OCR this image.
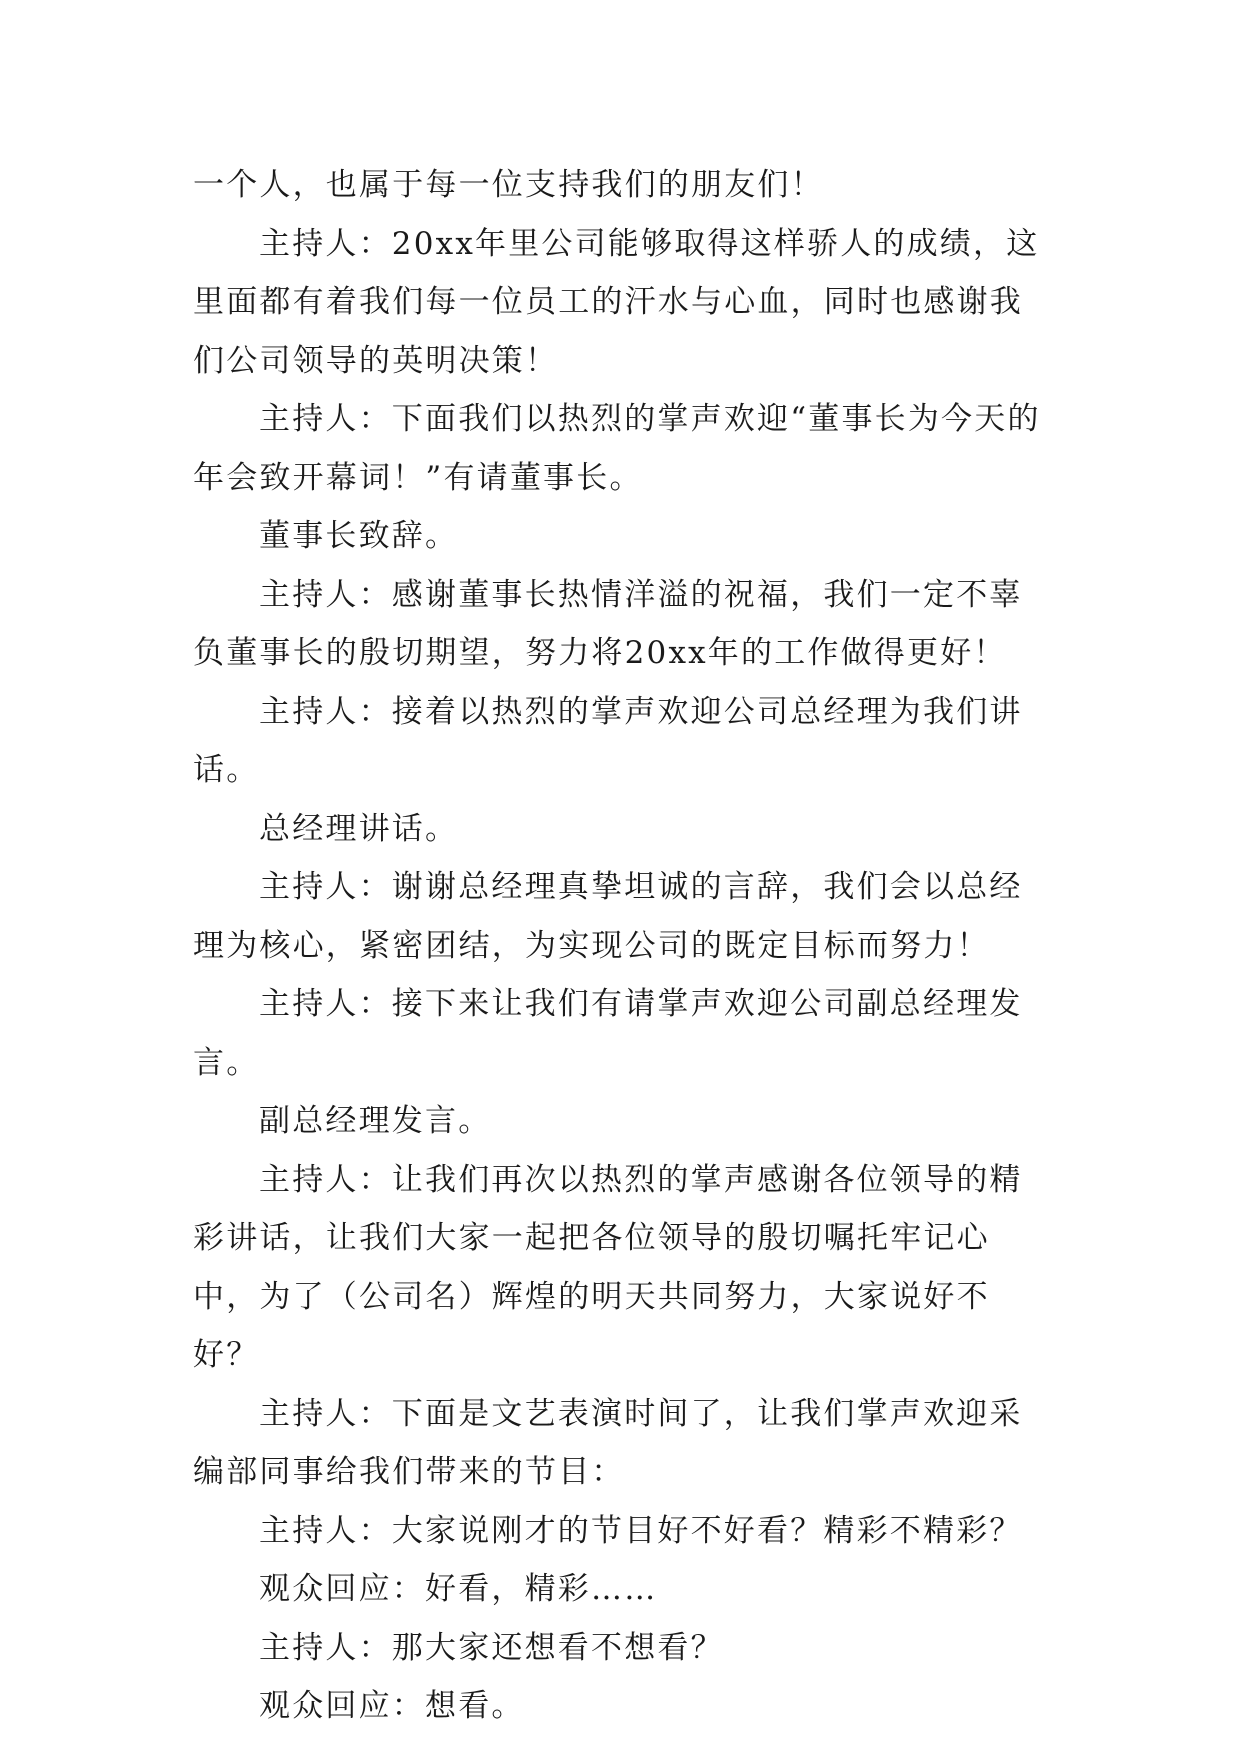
一个人，也属于每一位支持我们的朋友们！

主持人：20xx年里公司能够取得这样骄人的成绩，这里面都有着我们每一位员工的汗水与心血，同时也感谢我们公司领导的英明决策！

主持人：下面我们以热烈的掌声欢迎“董事长为今天的年会致开幕词！”有请董事长。

董事长致辞。

主持人：感谢董事长热情洋溢的祝福，我们一定不辜负董事长的殷切期望，努力将20xx年的工作做得更好！

主持人：接着以热烈的掌声欢迎公司总经理为我们讲话。

总经理讲话。

主持人：谢谢总经理真挚坦诚的言辞，我们会以总经理为核心，紧密团结，为实现公司的既定目标而努力！

主持人：接下来让我们有请掌声欢迎公司副总经理发言。

副总经理发言。

主持人：让我们再次以热烈的掌声感谢各位领导的精彩讲话，让我们大家一起把各位领导的殷切嘱托牢记心中，为了（公司名）辉煌的明天共同努力，大家说好不好？

主持人：下面是文艺表演时间了，让我们掌声欢迎采编部同事给我们带来的节目：

主持人：大家说刚才的节目好不好看？精彩不精彩？

观众回应：好看，精彩……

主持人：那大家还想看不想看？

观众回应：想看。
